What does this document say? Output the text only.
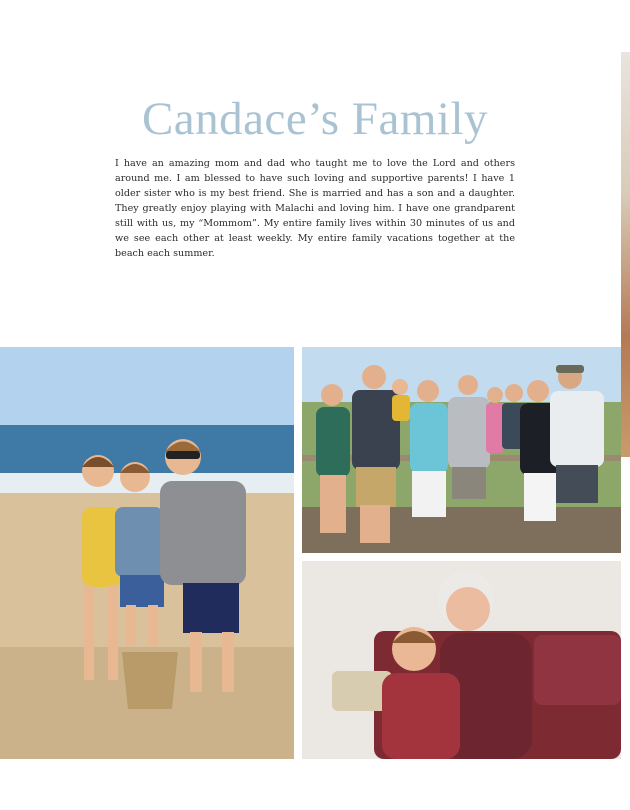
Candace’s Family
I have an amazing mom and dad who taught me to love the Lord and others around me. I am blessed to have such loving and supportive parents! I have 1 older sister who is my best friend. She is married and has a son and a daughter. They greatly enjoy playing with Malachi and loving him. I have one grandparent still with us, my “Mommom”. My entire family lives within 30 minutes of us and we see each other at least weekly. My entire family vacations together at the beach each summer.
